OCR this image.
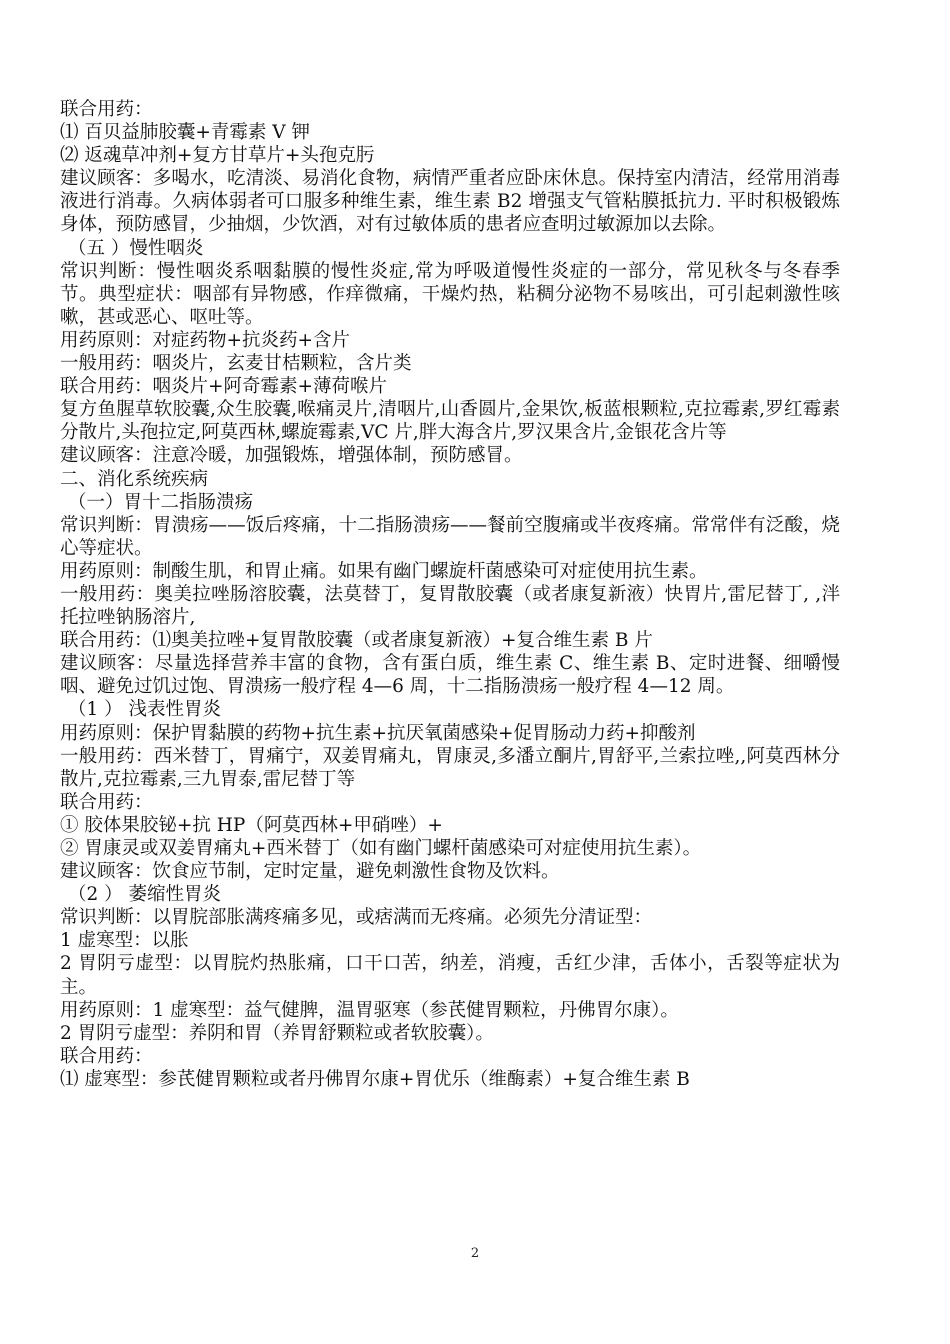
联合用药：

⑴ 百贝益肺胶囊+青霉素 V 钾

⑵ 返魂草冲剂+复方甘草片+头孢克肟

建议顾客：多喝水，吃清淡、易消化食物，病情严重者应卧床休息。保持室内清洁，经常用消毒液进行消毒。久病体弱者可口服多种维生素，维生素 B2 增强支气管粘膜抵抗力. 平时积极锻炼身体，预防感冒，少抽烟，少饮酒，对有过敏体质的患者应查明过敏源加以去除。

（五 ）慢性咽炎

常识判断：慢性咽炎系咽黏膜的慢性炎症,常为呼吸道慢性炎症的一部分，常见秋冬与冬春季节。典型症状：咽部有异物感，作痒微痛，干燥灼热，粘稠分泌物不易咳出，可引起刺激性咳嗽，甚或恶心、呕吐等。

用药原则：对症药物+抗炎药+含片

一般用药：咽炎片，玄麦甘桔颗粒，含片类

联合用药：咽炎片+阿奇霉素+薄荷喉片

复方鱼腥草软胶囊,众生胶囊,喉痛灵片,清咽片,山香圆片,金果饮,板蓝根颗粒,克拉霉素,罗红霉素分散片,头孢拉定,阿莫西林,螺旋霉素,VC 片,胖大海含片,罗汉果含片,金银花含片等

建议顾客：注意冷暖，加强锻炼，增强体制，预防感冒。

二、消化系统疾病

（一）胃十二指肠溃疡

常识判断：胃溃疡——饭后疼痛，十二指肠溃疡——餐前空腹痛或半夜疼痛。常常伴有泛酸，烧心等症状。

用药原则：制酸生肌，和胃止痛。如果有幽门螺旋杆菌感染可对症使用抗生素。

一般用药：奥美拉唑肠溶胶囊，法莫替丁，复胃散胶囊（或者康复新液）快胃片,雷尼替丁, ,泮托拉唑钠肠溶片,

联合用药：⑴奥美拉唑+复胃散胶囊（或者康复新液）+复合维生素 B 片

建议顾客：尽量选择营养丰富的食物，含有蛋白质，维生素 C、维生素 B、定时进餐、细嚼慢咽、避免过饥过饱、胃溃疡一般疗程 4—6 周，十二指肠溃疡一般疗程 4—12 周。

（1 ） 浅表性胃炎

用药原则：保护胃黏膜的药物+抗生素+抗厌氧菌感染+促胃肠动力药+抑酸剂

一般用药：西米替丁，胃痛宁，双姜胃痛丸，胃康灵,多潘立酮片,胃舒平,兰索拉唑,,阿莫西林分散片,克拉霉素,三九胃泰,雷尼替丁等

联合用药：

① 胶体果胶铋+抗 HP（阿莫西林+甲硝唑）+

② 胃康灵或双姜胃痛丸+西米替丁（如有幽门螺杆菌感染可对症使用抗生素）。

建议顾客：饮食应节制，定时定量，避免刺激性食物及饮料。

（2 ） 萎缩性胃炎

常识判断：以胃脘部胀满疼痛多见，或痞满而无疼痛。必须先分清证型：

1 虚寒型：以胀

2 胃阴亏虚型：以胃脘灼热胀痛，口干口苦，纳差，消瘦，舌红少津，舌体小，舌裂等症状为主。

用药原则：1 虚寒型：益气健脾，温胃驱寒（参芪健胃颗粒，丹佛胃尔康）。

2 胃阴亏虚型：养阴和胃（养胃舒颗粒或者软胶囊）。

联合用药：

⑴ 虚寒型：参芪健胃颗粒或者丹佛胃尔康+胃优乐（维酶素）+复合维生素 B

2
